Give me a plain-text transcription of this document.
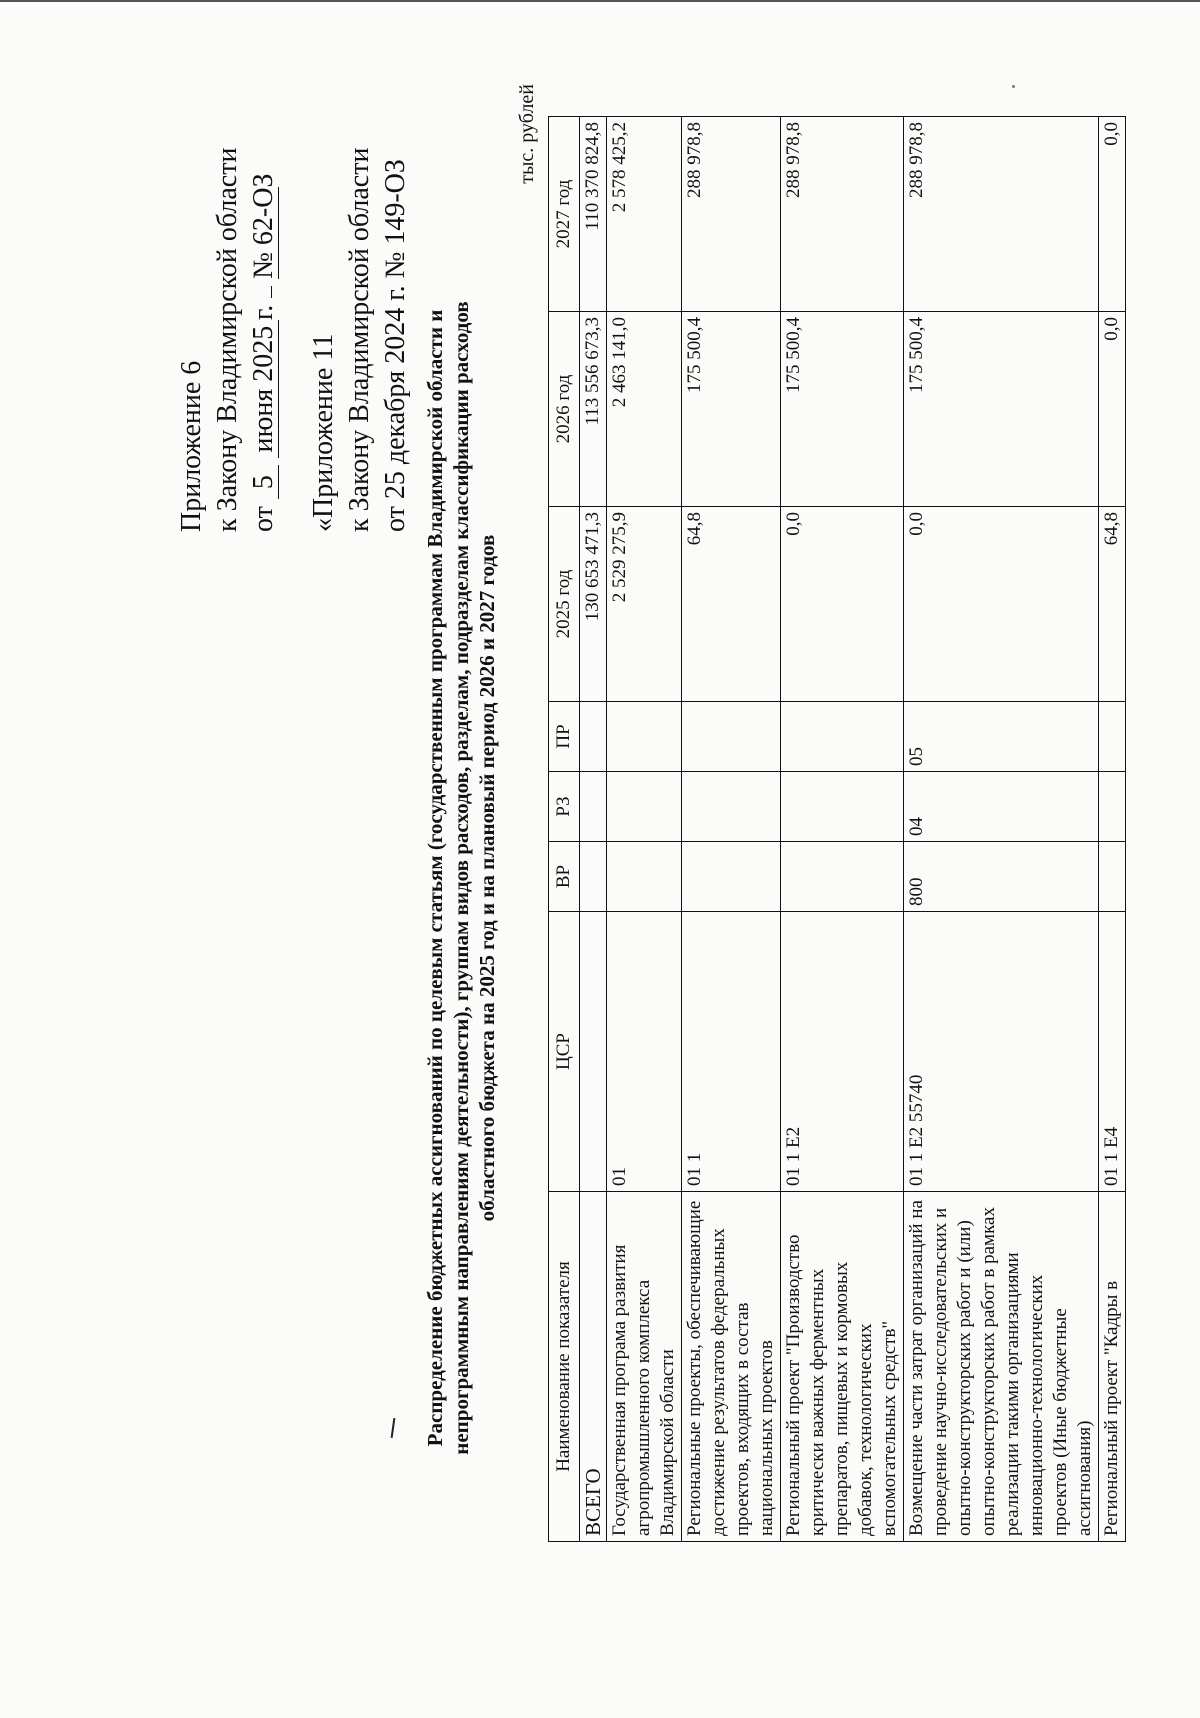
Приложение 6 к Закону Владимирской области от 5 июня 2025г.  № 62-ОЗ
«Приложение 11 к Закону Владимирской области от 25 декабря 2024 г. № 149-ОЗ Распределение бюджетных ассигнований по целевым статьям (государственным программам Владимирской области и непрограммным направлениям деятельности), группам видов расходов, разделам, подразделам классификации расходов областного бюджета на 2025 год и на плановый период 2026 и 2027 годов
тыс. рублей
Наименование показателя	ЦСР	ВР	РЗ	ПР	2025 год	2026 год	2027 год
ВСЕГО					130 653 471,3	113 556 673,3	110 370 824,8
Государственная програма развития агропромышленного комплекса Владимирской области	01				2 529 275,9	2 463 141,0	2 578 425,2
Региональные проекты, обеспечивающие достижение результатов федеральных проектов, входящих в состав национальных проектов	01 1				64,8	175 500,4	288 978,8
Региональный проект "Производство критически важных ферментных препаратов, пищевых и кормовых добавок, технологических вспомогательных средств"	01 1 Е2				0,0	175 500,4	288 978,8
Возмещение части затрат организаций на проведение научно-исследовательских и опытно-конструкторских работ и (или) опытно-конструкторских работ в рамках реализации такими организациями инновационно-технологических проектов (Иные бюджетные ассигнования)	01 1 Е2 55740	800	04	05	0,0	175 500,4	288 978,8
Региональный проект "Кадры в	01 1 Е4				64,8	0,0	0,0
